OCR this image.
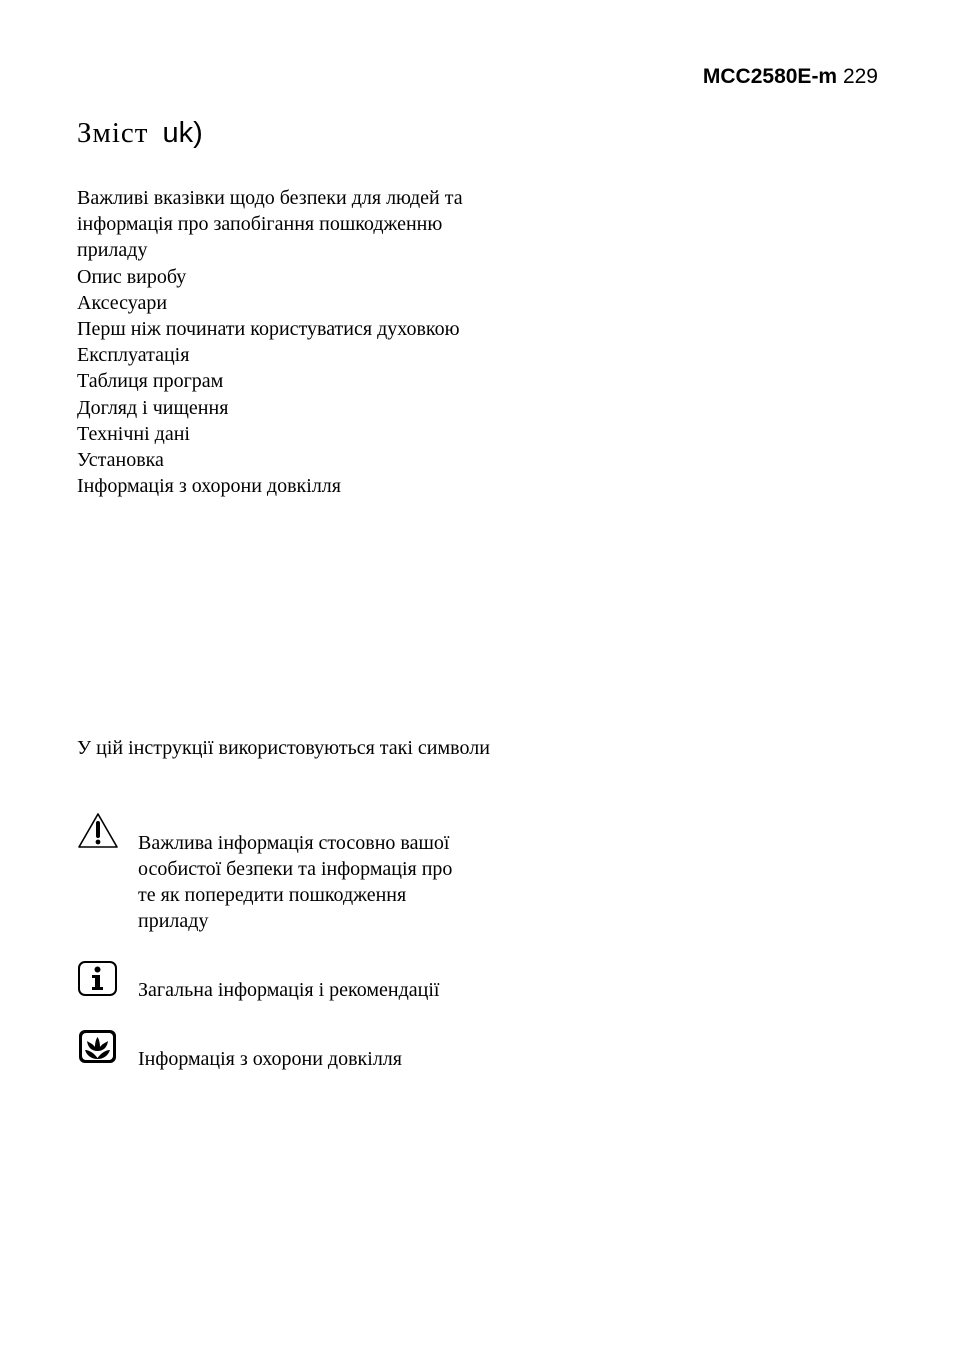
MCC2580E-m 229
Зміст uk)
Важливі вказівки щодо безпеки для людей та інформація про запобігання пошкодженню приладу
Опис виробу
Аксесуари
Перш ніж починати користуватися духовкою
Експлуатація
Таблиця програм
Догляд і чищення
Технічні дані
Установка
Інформація з охорони довкілля
У цій інструкції використовуються такі символи
Важлива інформація стосовно вашої особистої безпеки та інформація про те як попередити пошкодження приладу
Загальна інформація і рекомендації
Інформація з охорони довкілля
